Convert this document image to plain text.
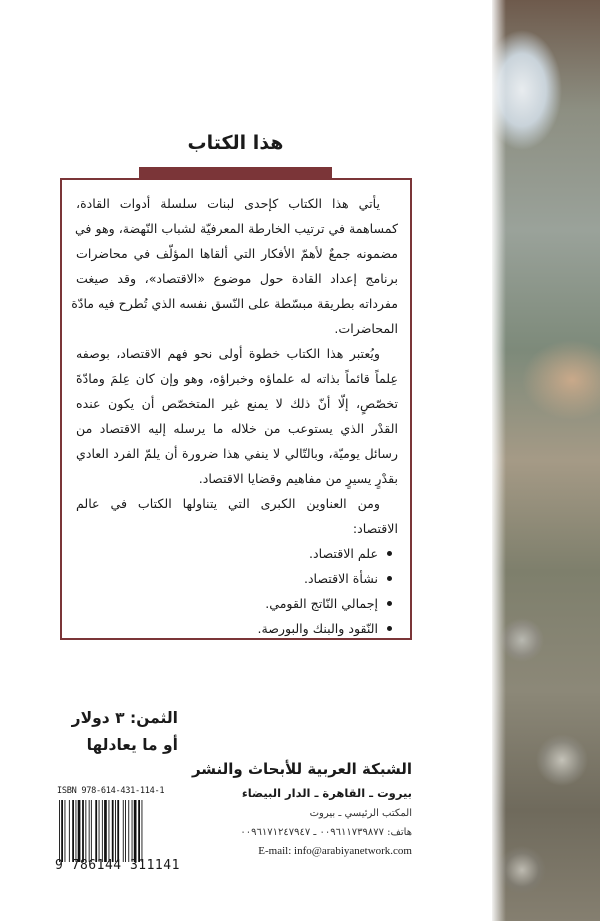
هذا الكتاب
يأتي هذا الكتاب كإحدى لبنات سلسلة أدوات القادة،
كمساهمة في ترتيب الخارطة المعرفيّة لشباب النّهضة، وهو في
مضمونه جمعٌ لأهمّ الأفكار التي ألقاها المؤلّف في محاضرات
برنامج إعداد القادة حول موضوع «الاقتصاد»، وقد صيغت
مفرداته بطريقة مبسّطة على النّسق نفسه الذي تُطرح فيه مادّة
المحاضرات.
ويُعتبر هذا الكتاب خطوة أولى نحو فهم الاقتصاد، بوصفه
عِلماً قائماً بذاته له علماؤه وخبراؤه، وهو وإن كان عِلمَ ومادّةَ
تخصّصٍ، إلّا أنّ ذلك لا يمنع غير المتخصّص أن يكون عنده
القدْر الذي يستوعب من خلاله ما يرسله إليه الاقتصاد من
رسائل يوميّة، وبالتّالي لا ينفي هذا ضرورة أن يلمّ الفرد العادي
بقدْرٍ يسيرٍ من مفاهيم وقضايا الاقتصاد.
ومن العناوين الكبرى التي يتناولها الكتاب في عالم
الاقتصاد:
علم الاقتصاد.
نشأة الاقتصاد.
إجمالي النّاتج القومي.
النّقود والبنك والبورصة.
الثمن: ٣ دولار
أو ما يعادلها
الشبكة العربية للأبحاث والنشر
بيروت ـ القاهرة ـ الدار البيضاء
المكتب الرئيسي ـ بيروت
هاتف: ٠٠٩٦١١٧٣٩٨٧٧ ـ ٠٠٩٦١٧١٢٤٧٩٤٧
E-mail: info@arabiyanetwork.com
ISBN 978-614-431-114-1
9 786144 311141
